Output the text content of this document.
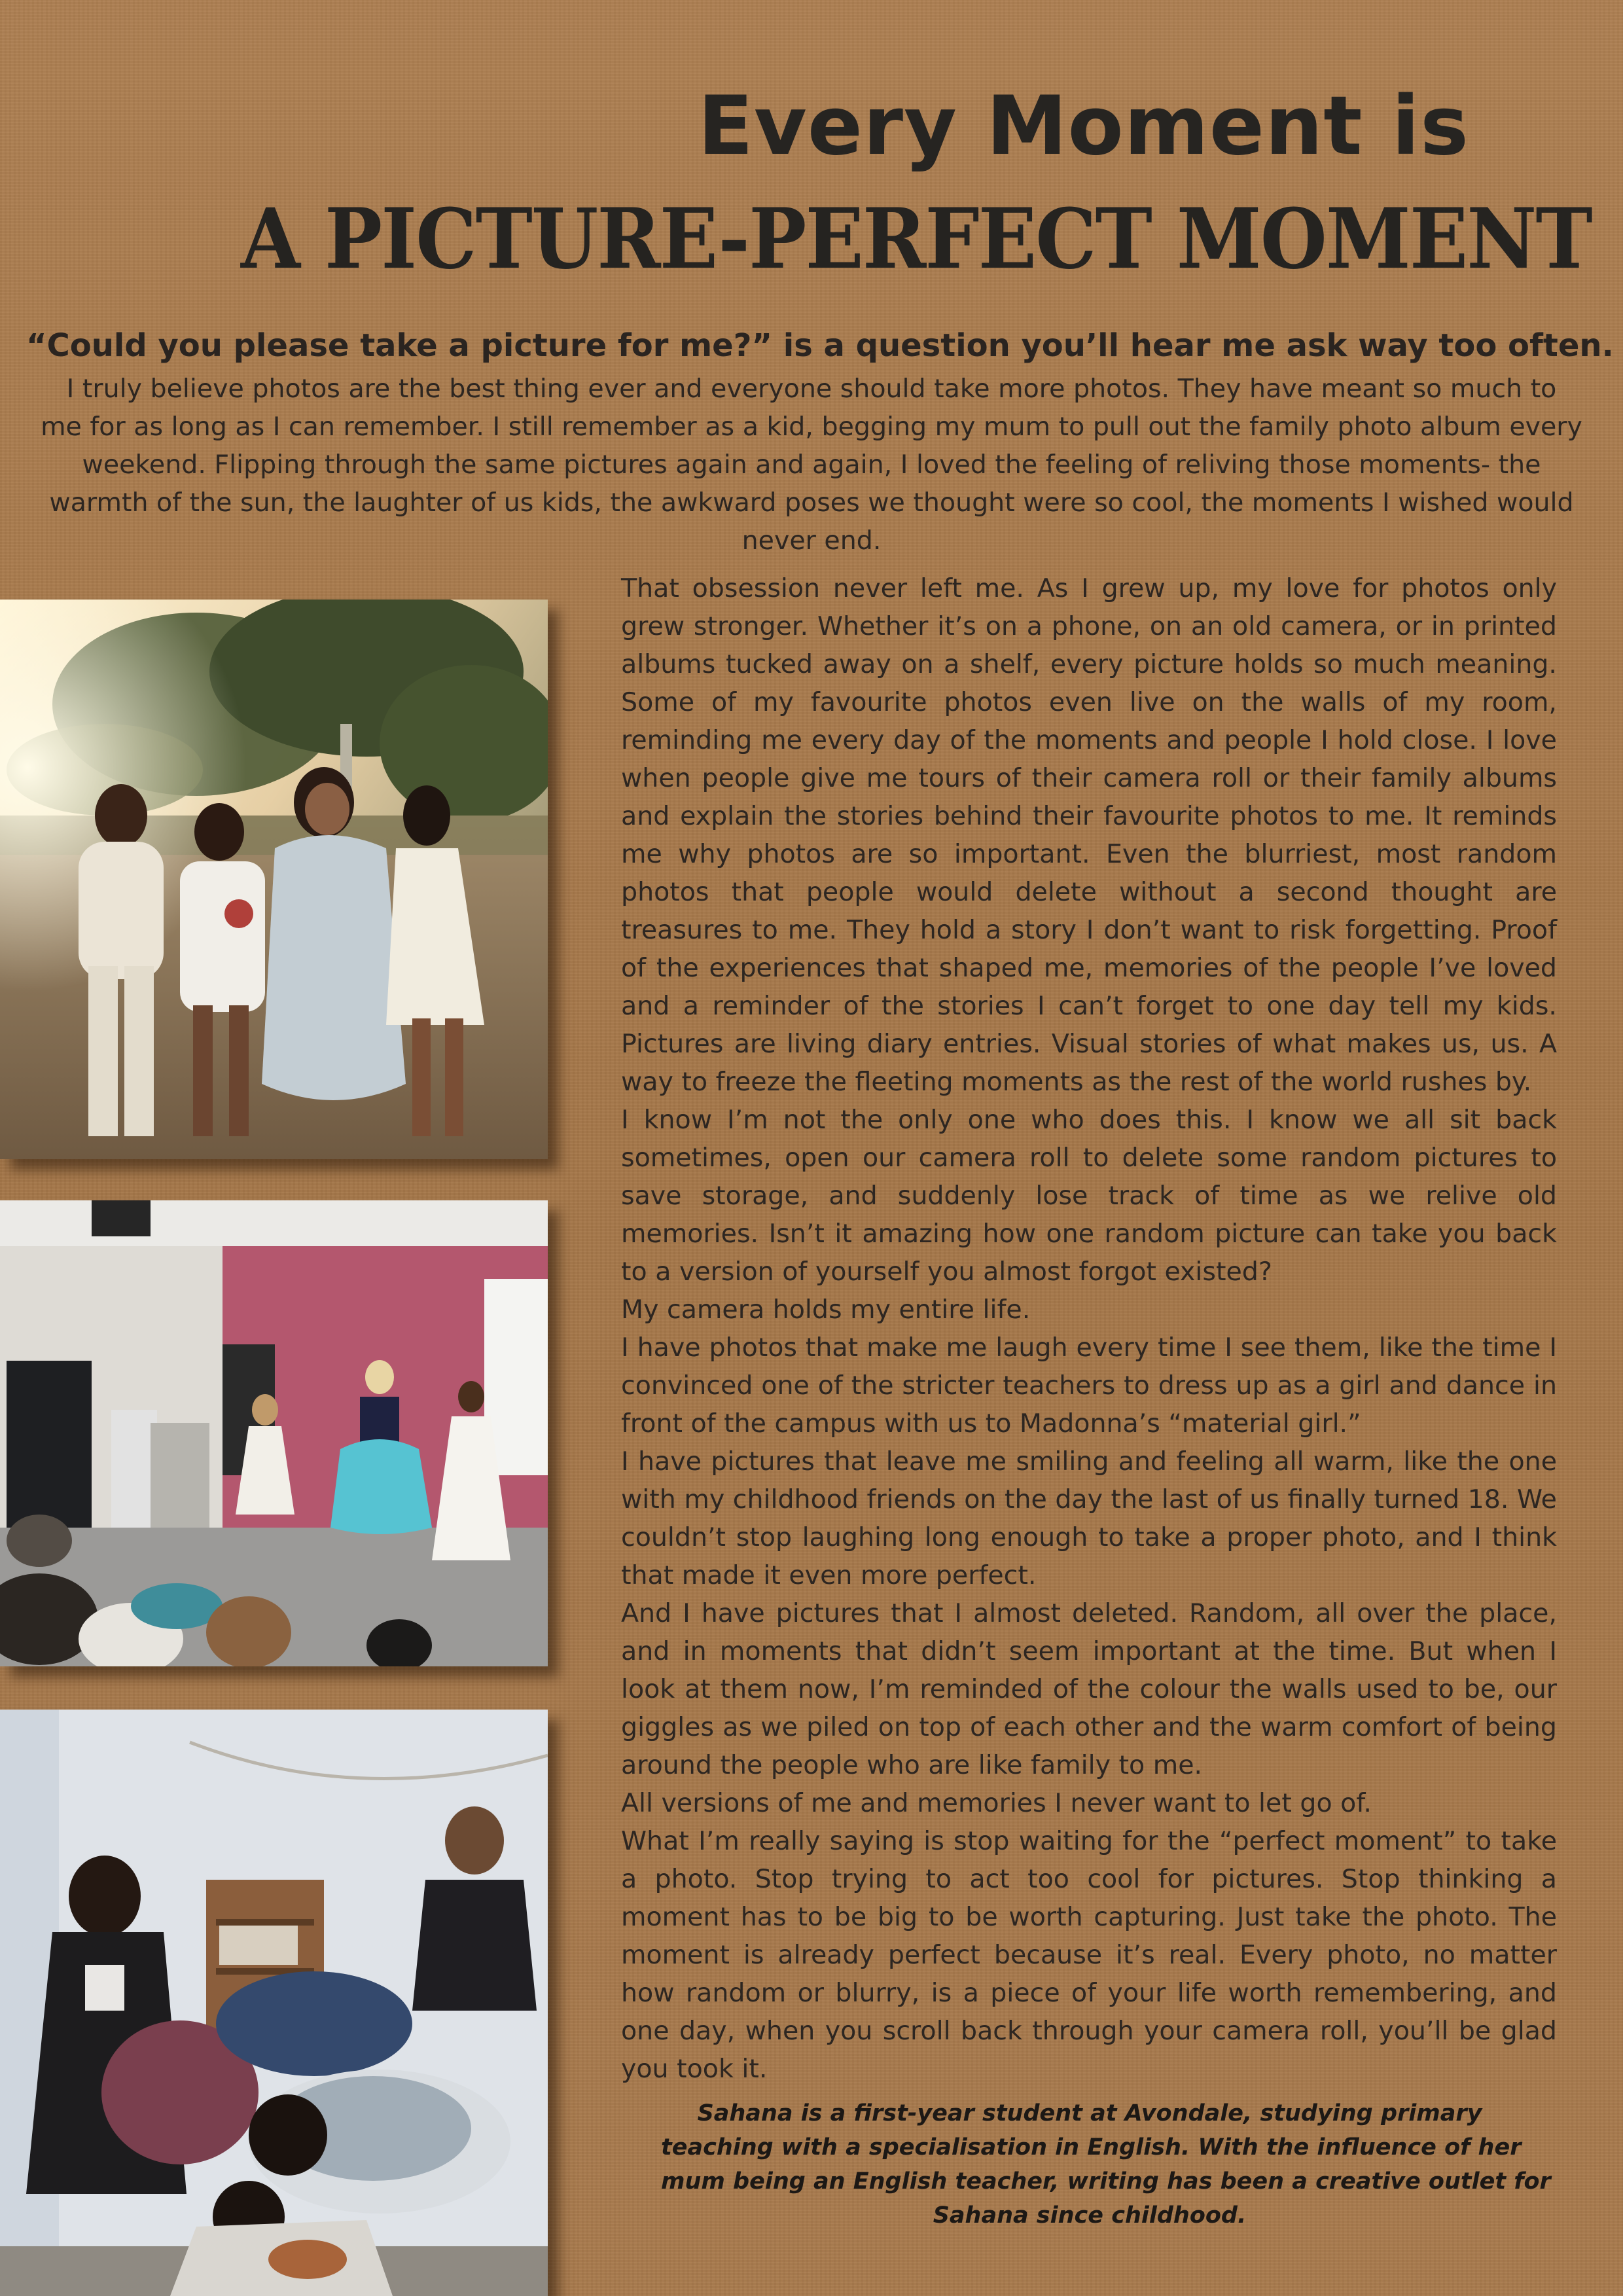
Every Moment is
A PICTURE-PERFECT MOMENT
“Could you please take a picture for me?” is a question you’ll hear me ask way too often.
I truly believe photos are the best thing ever and everyone should take more photos. They have meant so much to
me for as long as I can remember. I still remember as a kid, begging my mum to pull out the family photo album every
weekend. Flipping through the same pictures again and again, I loved the feeling of reliving those moments- the
warmth of the sun, the laughter of us kids, the awkward poses we thought were so cool, the moments I wished would
never end.

That obsession never left me. As I grew up, my love for photos only grew stronger. Whether it’s on a phone, on an old camera, or in printed albums tucked away on a shelf, every picture holds so much meaning. Some of my favourite photos even live on the walls of my room, reminding me every day of the moments and people I hold close. I love when people give me tours of their camera roll or their family albums and explain the stories behind their favourite photos to me. It reminds me why photos are so important. Even the blurriest, most random photos that people would delete without a second thought are treasures to me. They hold a story I don’t want to risk forgetting. Proof of the experiences that shaped me, memories of the people I’ve loved and a reminder of the stories I can’t forget to one day tell my kids. Pictures are living diary entries. Visual stories of what makes us, us. A way to freeze the fleeting moments as the rest of the world rushes by.

I know I’m not the only one who does this. I know we all sit back sometimes, open our camera roll to delete some random pictures to save storage, and suddenly lose track of time as we relive old memories. Isn’t it amazing how one random picture can take you back to a version of yourself you almost forgot existed?

My camera holds my entire life.

I have photos that make me laugh every time I see them, like the time I convinced one of the stricter teachers to dress up as a girl and dance in front of the campus with us to Madonna’s “material girl.”

I have pictures that leave me smiling and feeling all warm, like the one with my childhood friends on the day the last of us finally turned 18. We couldn’t stop laughing long enough to take a proper photo, and I think that made it even more perfect.

And I have pictures that I almost deleted. Random, all over the place, and in moments that didn’t seem important at the time. But when I look at them now, I’m reminded of the colour the walls used to be, our giggles as we piled on top of each other and the warm comfort of being around the people who are like family to me.

All versions of me and memories I never want to let go of.

What I’m really saying is stop waiting for the “perfect moment” to take a photo. Stop trying to act too cool for pictures. Stop thinking a moment has to be big to be worth capturing. Just take the photo. The moment is already perfect because it’s real. Every photo, no matter how random or blurry, is a piece of your life worth remembering, and one day, when you scroll back through your camera roll, you’ll be glad you took it.

Sahana is a first-year student at Avondale, studying primary
teaching with a specialisation in English. With the influence of her
mum being an English teacher, writing has been a creative outlet for
Sahana since childhood.
